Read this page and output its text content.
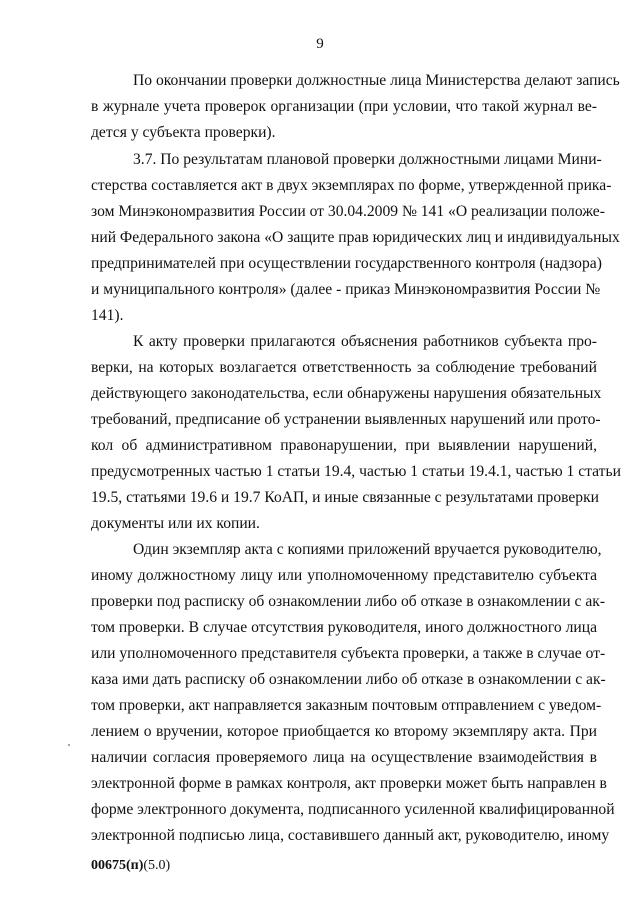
9
По окончании проверки должностные лица Министерства делают запись
в журнале учета проверок организации (при условии, что такой журнал ве-
дется у субъекта проверки).
3.7. По результатам плановой проверки должностными лицами Мини-
стерства составляется акт в двух экземплярах по форме, утвержденной прика-
зом Минэкономразвития России от 30.04.2009 № 141 «О реализации положе-
ний Федерального закона «О защите прав юридических лиц и индивидуальных
предпринимателей при осуществлении государственного контроля (надзора)
и муниципального контроля» (далее - приказ Минэкономразвития России №
141).
К акту проверки прилагаются объяснения работников субъекта про-
верки, на которых возлагается ответственность за соблюдение требований
действующего законодательства, если обнаружены нарушения обязательных
требований, предписание об устранении выявленных нарушений или прото-
кол об административном правонарушении, при выявлении нарушений,
предусмотренных частью 1 статьи 19.4, частью 1 статьи 19.4.1, частью 1 статьи
19.5, статьями 19.6 и 19.7 КоАП, и иные связанные с результатами проверки
документы или их копии.
Один экземпляр акта с копиями приложений вручается руководителю,
иному должностному лицу или уполномоченному представителю субъекта
проверки под расписку об ознакомлении либо об отказе в ознакомлении с ак-
том проверки. В случае отсутствия руководителя, иного должностного лица
или уполномоченного представителя субъекта проверки, а также в случае от-
каза ими дать расписку об ознакомлении либо об отказе в ознакомлении с ак-
том проверки, акт направляется заказным почтовым отправлением с уведом-
лением о вручении, которое приобщается ко второму экземпляру акта. При
наличии согласия проверяемого лица на осуществление взаимодействия в
электронной форме в рамках контроля, акт проверки может быть направлен в
форме электронного документа, подписанного усиленной квалифицированной
электронной подписью лица, составившего данный акт, руководителю, иному
00675(п)(5.0)
